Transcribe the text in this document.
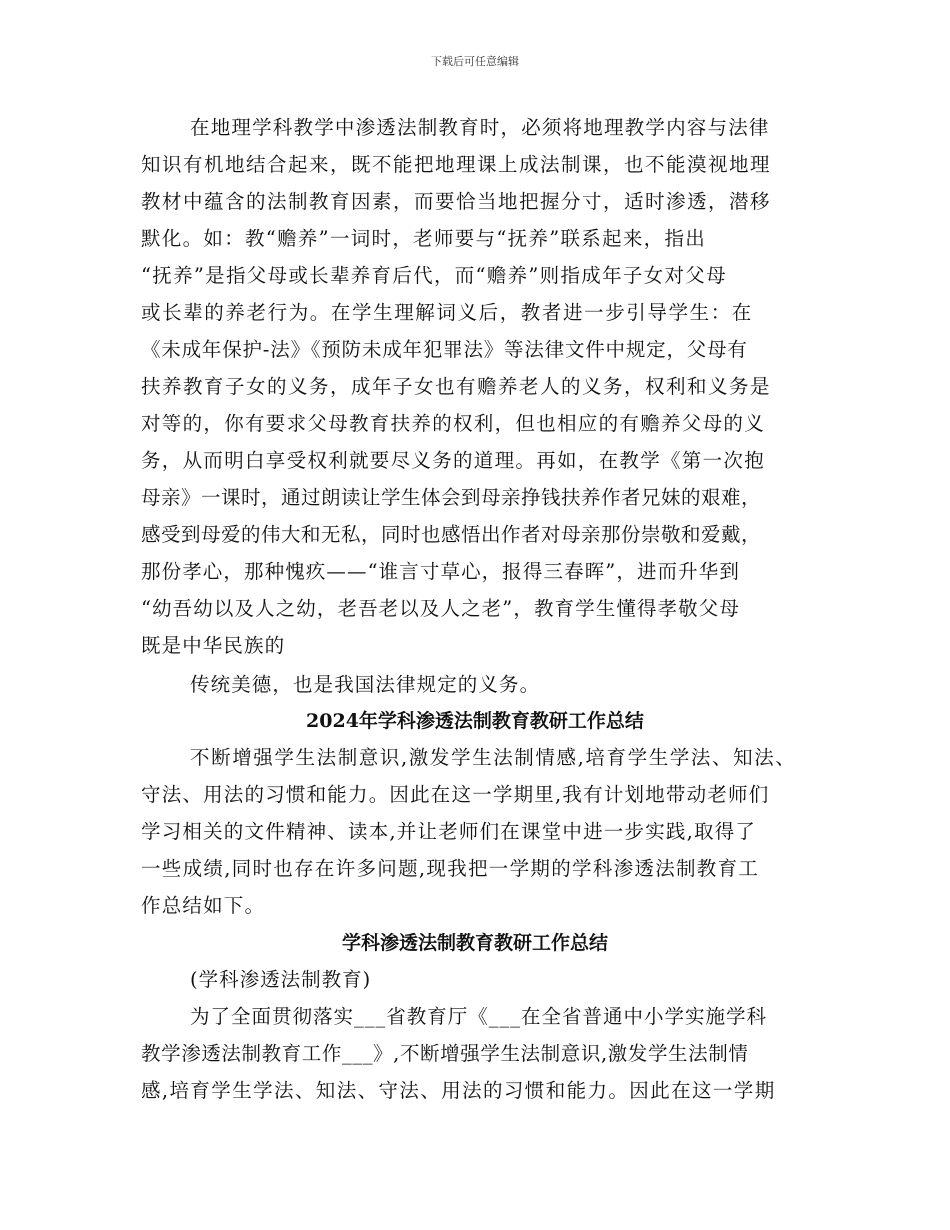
下载后可任意编辑
在地理学科教学中渗透法制教育时，必须将地理教学内容与法律
知识有机地结合起来，既不能把地理课上成法制课，也不能漠视地理
教材中蕴含的法制教育因素，而要恰当地把握分寸，适时渗透，潜移
默化。如：教“赡养”一词时，老师要与“抚养”联系起来，指出
“抚养”是指父母或长辈养育后代，而“赡养”则指成年子女对父母
或长辈的养老行为。在学生理解词义后，教者进一步引导学生：在
《未成年保护-法》《预防未成年犯罪法》等法律文件中规定，父母有
扶养教育子女的义务，成年子女也有赡养老人的义务，权利和义务是
对等的，你有要求父母教育扶养的权利，但也相应的有赡养父母的义
务，从而明白享受权利就要尽义务的道理。再如，在教学《第一次抱
母亲》一课时，通过朗读让学生体会到母亲挣钱扶养作者兄妹的艰难，
感受到母爱的伟大和无私，同时也感悟出作者对母亲那份崇敬和爱戴，
那份孝心，那种愧疚——“谁言寸草心，报得三春晖”，进而升华到
“幼吾幼以及人之幼，老吾老以及人之老”，教育学生懂得孝敬父母
既是中华民族的
传统美德，也是我国法律规定的义务。
2024年学科渗透法制教育教研工作总结
不断增强学生法制意识,激发学生法制情感,培育学生学法、知法、
守法、用法的习惯和能力。因此在这一学期里,我有计划地带动老师们
学习相关的文件精神、读本,并让老师们在课堂中进一步实践,取得了
一些成绩,同时也存在许多问题,现我把一学期的学科渗透法制教育工
作总结如下。
学科渗透法制教育教研工作总结
(学科渗透法制教育)
为了全面贯彻落实___省教育厅《___在全省普通中小学实施学科
教学渗透法制教育工作___》,不断增强学生法制意识,激发学生法制情
感,培育学生学法、知法、守法、用法的习惯和能力。因此在这一学期
